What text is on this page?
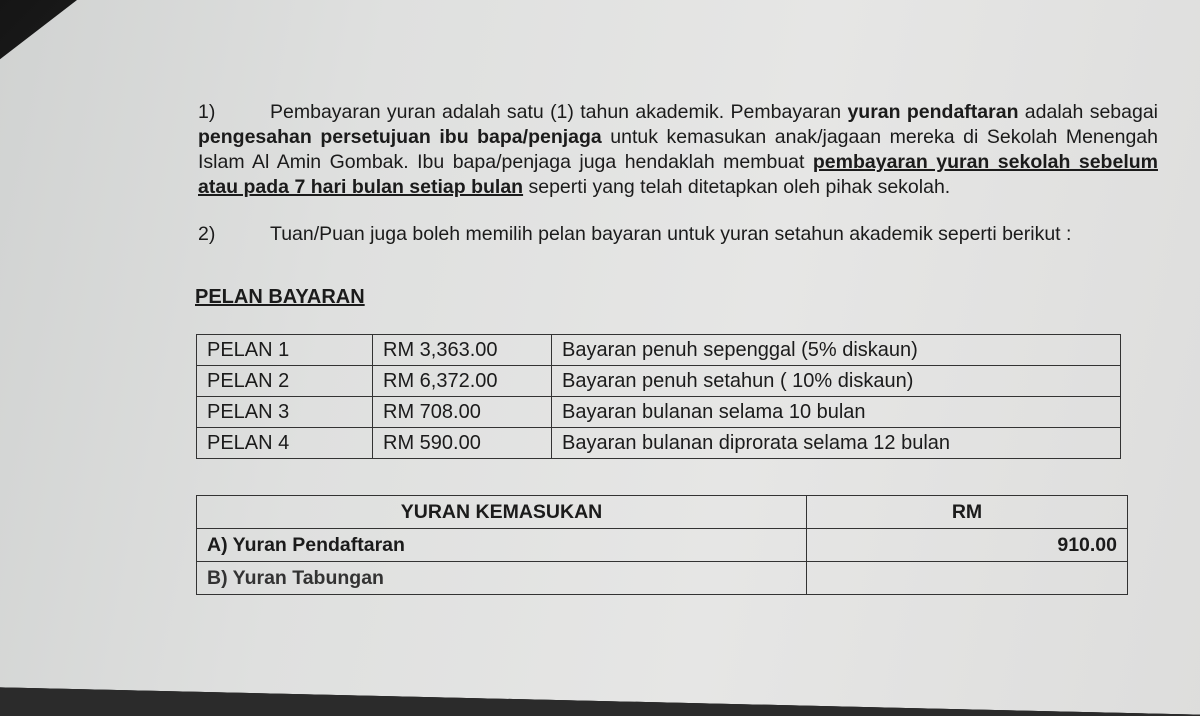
1)	Pembayaran yuran adalah satu (1) tahun akademik. Pembayaran yuran pendaftaran adalah sebagai pengesahan persetujuan ibu bapa/penjaga untuk kemasukan anak/jagaan mereka di Sekolah Menengah Islam Al Amin Gombak. Ibu bapa/penjaga juga hendaklah membuat pembayaran yuran sekolah sebelum atau pada 7 hari bulan setiap bulan seperti yang telah ditetapkan oleh pihak sekolah.

2)	Tuan/Puan juga boleh memilih pelan bayaran untuk yuran setahun akademik seperti berikut :

PELAN BAYARAN
PELAN 1	RM 3,363.00	Bayaran penuh sepenggal (5% diskaun)
PELAN 2	RM 6,372.00	Bayaran penuh setahun ( 10% diskaun)
PELAN 3	RM 708.00	Bayaran bulanan selama 10 bulan
PELAN 4	RM 590.00	Bayaran bulanan diprorata selama 12 bulan
YURAN KEMASUKAN	RM
A) Yuran Pendaftaran	910.00
B) Yuran Tabungan	
